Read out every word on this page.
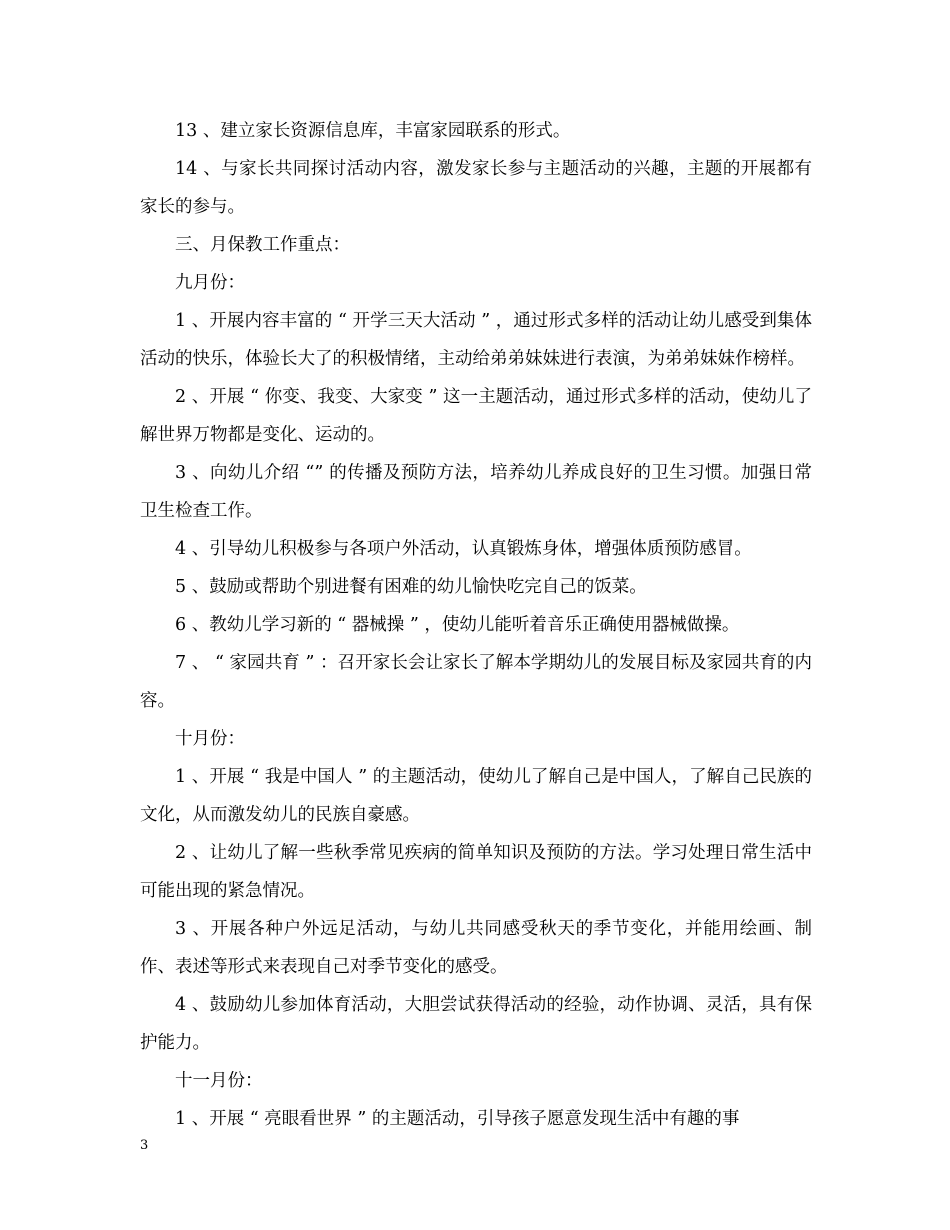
13 、建立家长资源信息库，丰富家园联系的形式。

14 、与家长共同探讨活动内容，激发家长参与主题活动的兴趣，主题的开展都有家长的参与。

三、月保教工作重点：

九月份：

1 、开展内容丰富的 “ 开学三天大活动 ” ，通过形式多样的活动让幼儿感受到集体活动的快乐，体验长大了的积极情绪，主动给弟弟妹妹进行表演，为弟弟妹妹作榜样。

2 、开展 “ 你变、我变、大家变 ” 这一主题活动，通过形式多样的活动，使幼儿了解世界万物都是变化、运动的。

3 、向幼儿介绍 “” 的传播及预防方法，培养幼儿养成良好的卫生习惯。加强日常卫生检查工作。

4 、引导幼儿积极参与各项户外活动，认真锻炼身体，增强体质预防感冒。

5 、鼓励或帮助个别进餐有困难的幼儿愉快吃完自己的饭菜。

6 、教幼儿学习新的 “ 器械操 ” ，使幼儿能听着音乐正确使用器械做操。

7 、 “ 家园共育 ” ：召开家长会让家长了解本学期幼儿的发展目标及家园共育的内容。

十月份：

1 、开展 “ 我是中国人 ” 的主题活动，使幼儿了解自己是中国人，了解自己民族的文化，从而激发幼儿的民族自豪感。

2 、让幼儿了解一些秋季常见疾病的简单知识及预防的方法。学习处理日常生活中可能出现的紧急情况。

3 、开展各种户外远足活动，与幼儿共同感受秋天的季节变化，并能用绘画、制作、表述等形式来表现自己对季节变化的感受。

4 、鼓励幼儿参加体育活动，大胆尝试获得活动的经验，动作协调、灵活，具有保护能力。

十一月份：

1 、开展 “ 亮眼看世界 ” 的主题活动，引导孩子愿意发现生活中有趣的事

3
